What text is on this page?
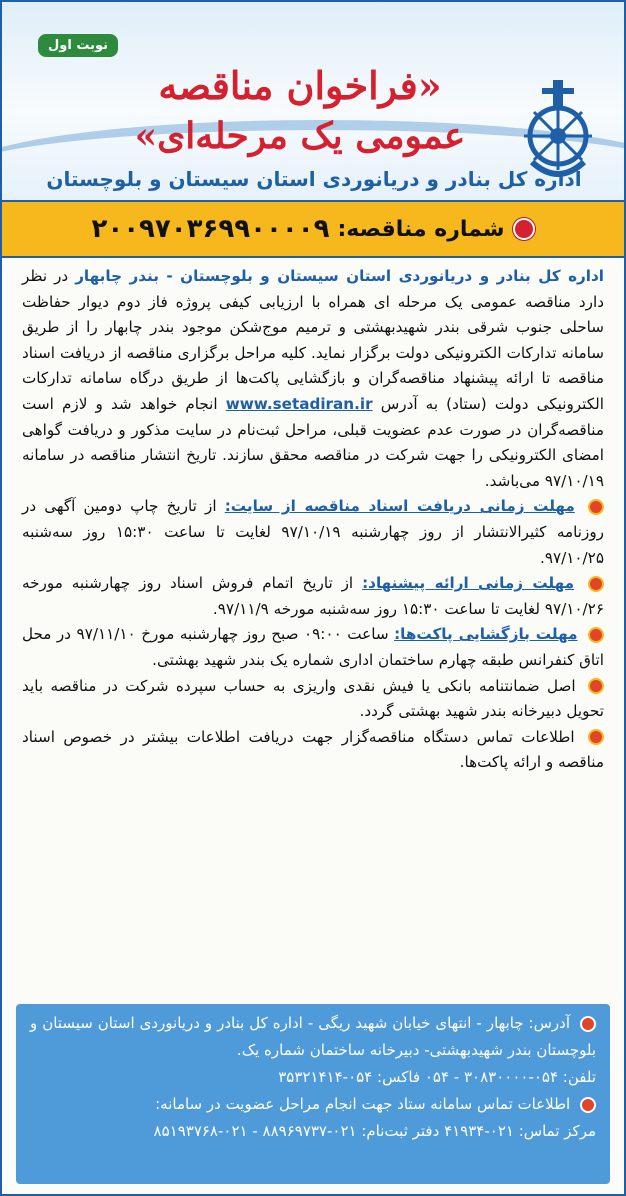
نوبت اول
«فراخوان مناقصه
عمومی یک مرحله‌ای»
اداره کل بنادر و دریانوردی استان سیستان و بلوچستان
شماره مناقصه:
۲۰۰۹۷۰۳۶۹۹۰۰۰۰۹

اداره کل بنادر و دریانوردی استان سیستان و بلوچستان - بندر چابهار در نظر دارد مناقصه عمومی یک مرحله ای همراه با ارزیابی کیفی پروژه فاز دوم دیوار حفاظت ساحلی جنوب شرقی بندر شهیدبهشتی و ترمیم موج‌شکن موجود بندر چابهار را از طریق سامانه تدارکات الکترونیکی دولت برگزار نماید. کلیه مراحل برگزاری مناقصه از دریافت اسناد مناقصه تا ارائه پیشنهاد مناقصه‌گران و بازگشایی پاکت‌ها از طریق درگاه سامانه تدارکات الکترونیکی دولت (ستاد) به آدرس www.setadiran.ir انجام خواهد شد و لازم است مناقصه‌گران در صورت عدم عضویت قبلی، مراحل ثبت‌نام در سایت مذکور و دریافت گواهی امضای الکترونیکی را جهت شرکت در مناقصه محقق سازند. تاریخ انتشار مناقصه در سامانه ۹۷/۱۰/۱۹ می‌باشد.

مهلت زمانی دریافت اسناد مناقصه از سایت: از تاریخ چاپ دومین آگهی در روزنامه کثیرالانتشار از روز چهارشنبه ۹۷/۱۰/۱۹ لغایت تا ساعت ۱۵:۳۰ روز سه‌شنبه ۹۷/۱۰/۲۵.

مهلت زمانی ارائه پیشنهاد: از تاریخ اتمام فروش اسناد روز چهارشنبه مورخه ۹۷/۱۰/۲۶ لغایت تا ساعت ۱۵:۳۰ روز سه‌شنبه مورخه ۹۷/۱۱/۹.

مهلت بازگشایی پاکت‌ها: ساعت ۰۹:۰۰ صبح روز چهارشنبه مورخ ۹۷/۱۱/۱۰ در محل اتاق کنفرانس طبقه چهارم ساختمان اداری شماره یک بندر شهید بهشتی.

اصل ضمانتنامه بانکی یا فیش نقدی واریزی به حساب سپرده شرکت در مناقصه باید تحویل دبیرخانه بندر شهید بهشتی گردد.

اطلاعات تماس دستگاه مناقصه‌گزار جهت دریافت اطلاعات بیشتر در خصوص اسناد مناقصه و ارائه پاکت‌ها.

آدرس: چابهار - انتهای خیابان شهید ریگی - اداره کل بنادر و دریانوردی استان سیستان و بلوچستان بندر شهیدبهشتی- دبیرخانه ساختمان شماره یک.

تلفن: ۰۵۴-۳۰۸۳۰۰۰۰ - ۰۵۴ فاکس: ۰۵۴-۳۵۳۲۱۴۱۴

اطلاعات تماس سامانه ستاد جهت انجام مراحل عضویت در سامانه:

مرکز تماس: ۰۲۱-۴۱۹۳۴ دفتر ثبت‌نام: ۰۲۱-۸۸۹۶۹۷۳۷ - ۰۲۱-۸۵۱۹۳۷۶۸
